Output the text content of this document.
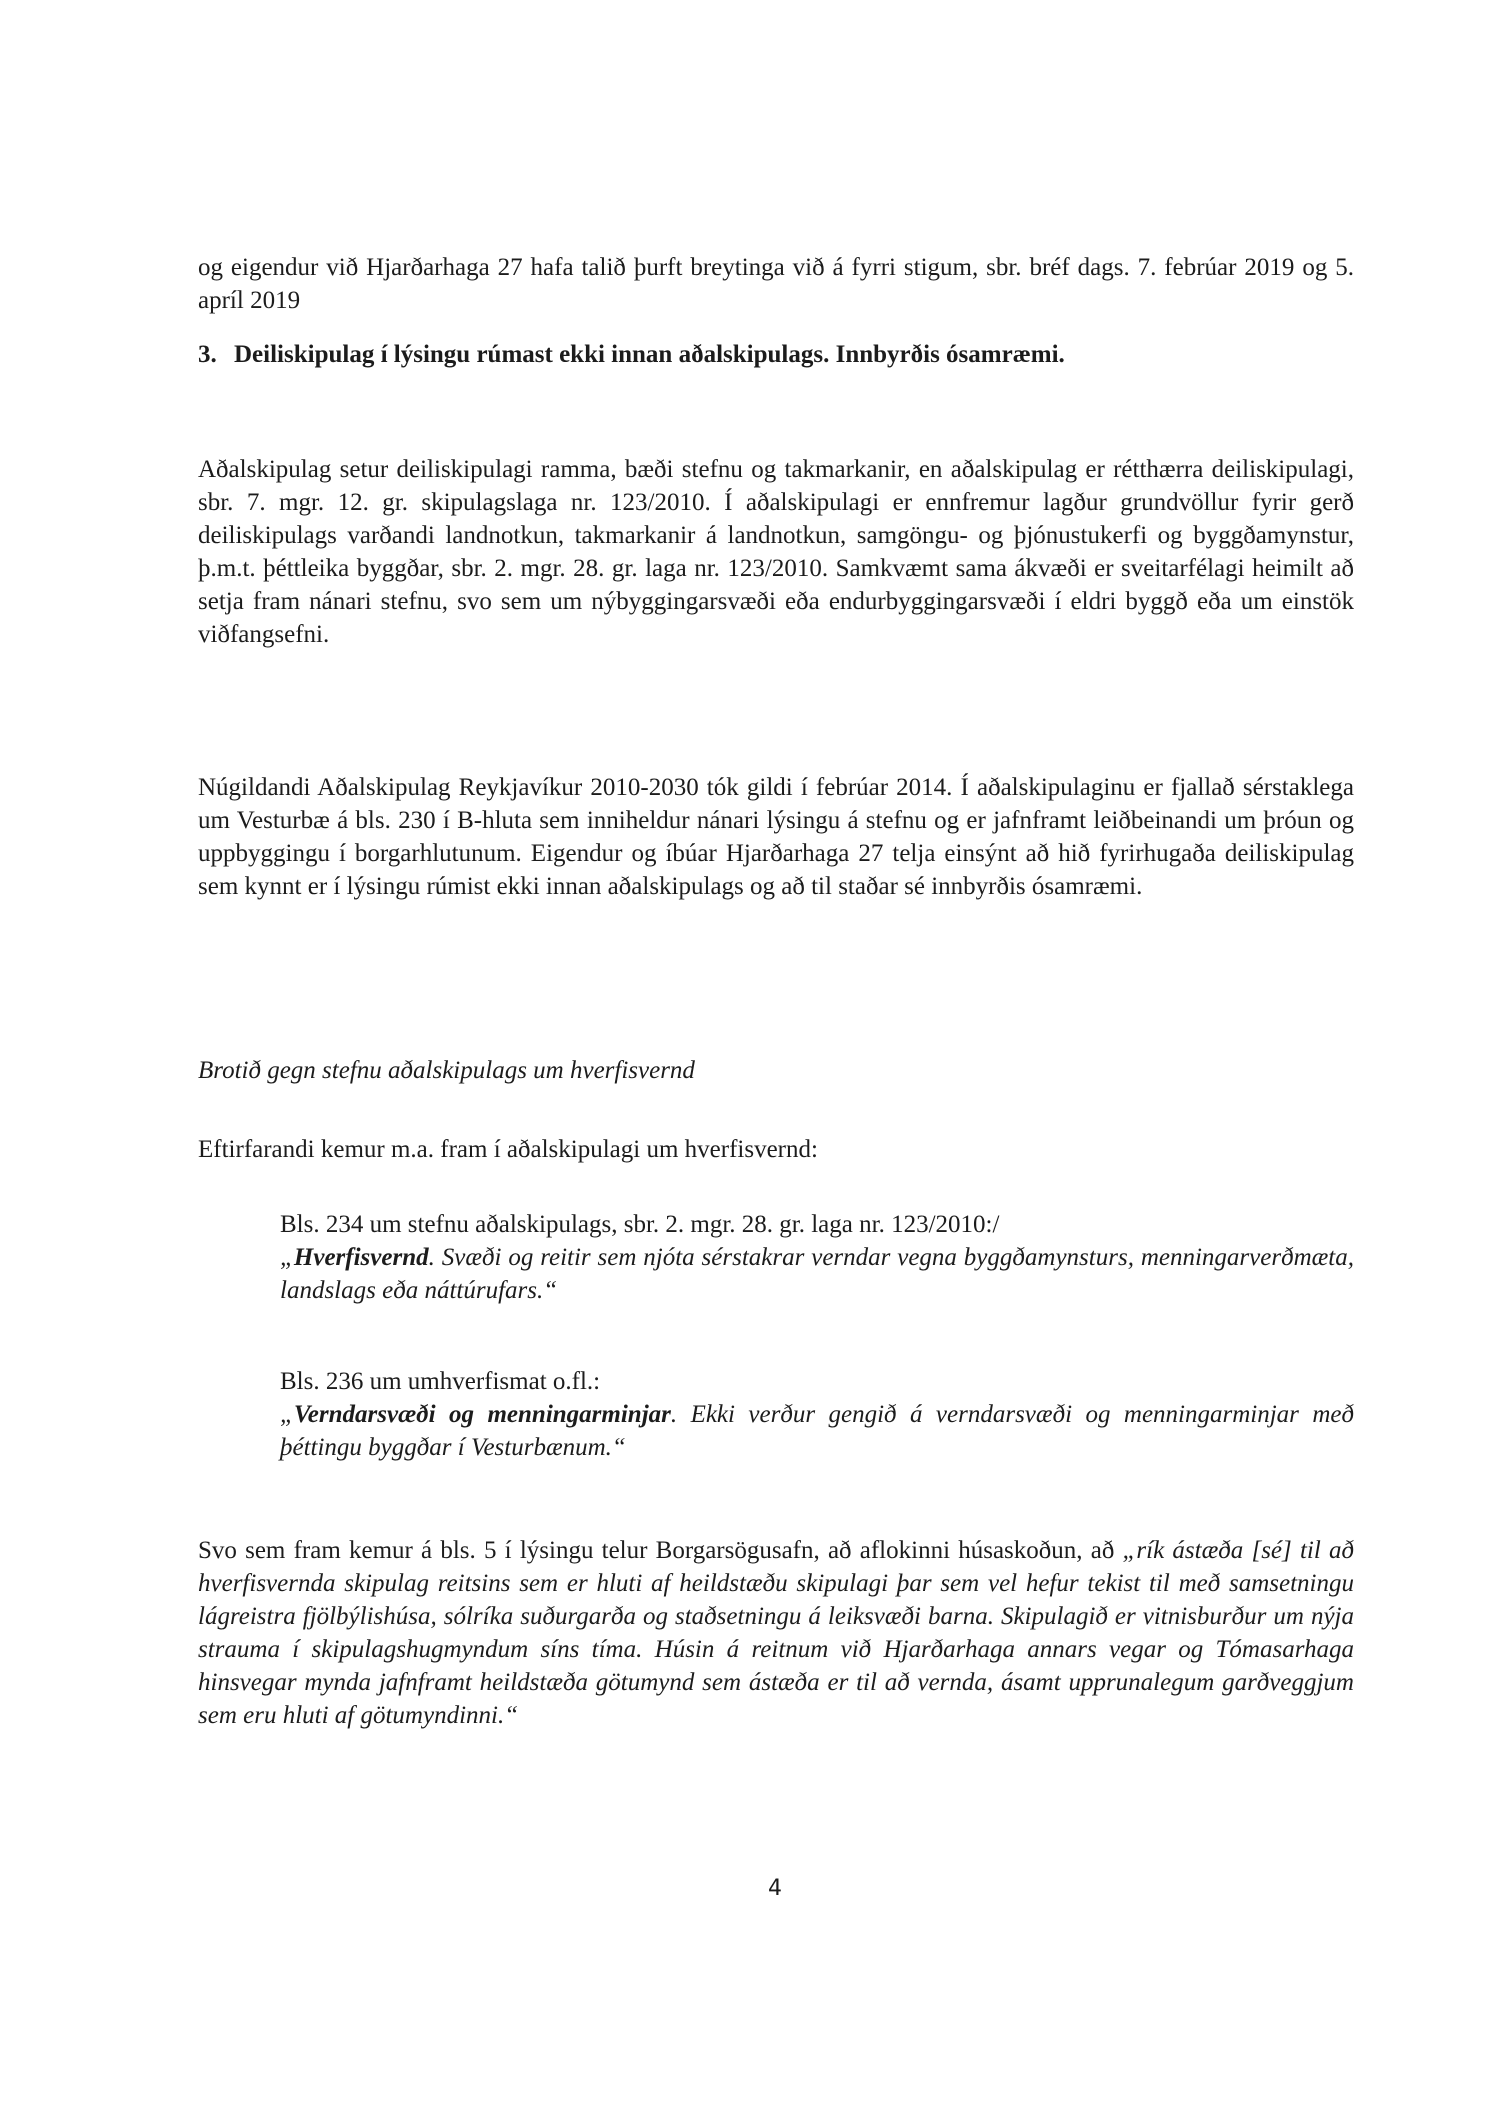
og eigendur við Hjarðarhaga 27 hafa talið þurft breytinga við á fyrri stigum, sbr. bréf dags. 7. febrúar 2019 og 5. apríl 2019
3. Deiliskipulag í lýsingu rúmast ekki innan aðalskipulags. Innbyrðis ósamræmi.
Aðalskipulag setur deiliskipulagi ramma, bæði stefnu og takmarkanir, en aðalskipulag er rétthærra deiliskipulagi, sbr. 7. mgr. 12. gr. skipulagslaga nr. 123/2010. Í aðalskipulagi er ennfremur lagður grundvöllur fyrir gerð deiliskipulags varðandi landnotkun, takmarkanir á landnotkun, samgöngu- og þjónustukerfi og byggðamynstur, þ.m.t. þéttleika byggðar, sbr. 2. mgr. 28. gr. laga nr. 123/2010. Samkvæmt sama ákvæði er sveitarfélagi heimilt að setja fram nánari stefnu, svo sem um nýbyggingarsvæði eða endurbyggingarsvæði í eldri byggð eða um einstök viðfangsefni.
Núgildandi Aðalskipulag Reykjavíkur 2010-2030 tók gildi í febrúar 2014. Í aðalskipulaginu er fjallað sérstaklega um Vesturbæ á bls. 230 í B-hluta sem inniheldur nánari lýsingu á stefnu og er jafnframt leiðbeinandi um þróun og uppbyggingu í borgarhlutunum. Eigendur og íbúar Hjarðarhaga 27 telja einsýnt að hið fyrirhugaða deiliskipulag sem kynnt er í lýsingu rúmist ekki innan aðalskipulags og að til staðar sé innbyrðis ósamræmi.
Brotið gegn stefnu aðalskipulags um hverfisvernd
Eftirfarandi kemur m.a. fram í aðalskipulagi um hverfisvernd:
Bls. 234 um stefnu aðalskipulags, sbr. 2. mgr. 28. gr. laga nr. 123/2010:/
„Hverfisvernd. Svæði og reitir sem njóta sérstakrar verndar vegna byggðamynsturs, menningarverðmæta, landslags eða náttúrufars.“
Bls. 236 um umhverfismat o.fl.:
„Verndarsvæði og menningarminjar. Ekki verður gengið á verndarsvæði og menningarminjar með þéttingu byggðar í Vesturbænum.“
Svo sem fram kemur á bls. 5 í lýsingu telur Borgarsögusafn, að aflokinni húsaskoðun, að „rík ástæða [sé] til að hverfisvernda skipulag reitsins sem er hluti af heildstæðu skipulagi þar sem vel hefur tekist til með samsetningu lágreistra fjölbýlishúsa, sólríka suðurgarða og staðsetningu á leiksvæði barna. Skipulagið er vitnisburður um nýja strauma í skipulagshugmyndum síns tíma. Húsin á reitnum við Hjarðarhaga annars vegar og Tómasarhaga hinsvegar mynda jafnframt heildstæða götumynd sem ástæða er til að vernda, ásamt upprunalegum garðveggjum sem eru hluti af götumyndinni.“
4
